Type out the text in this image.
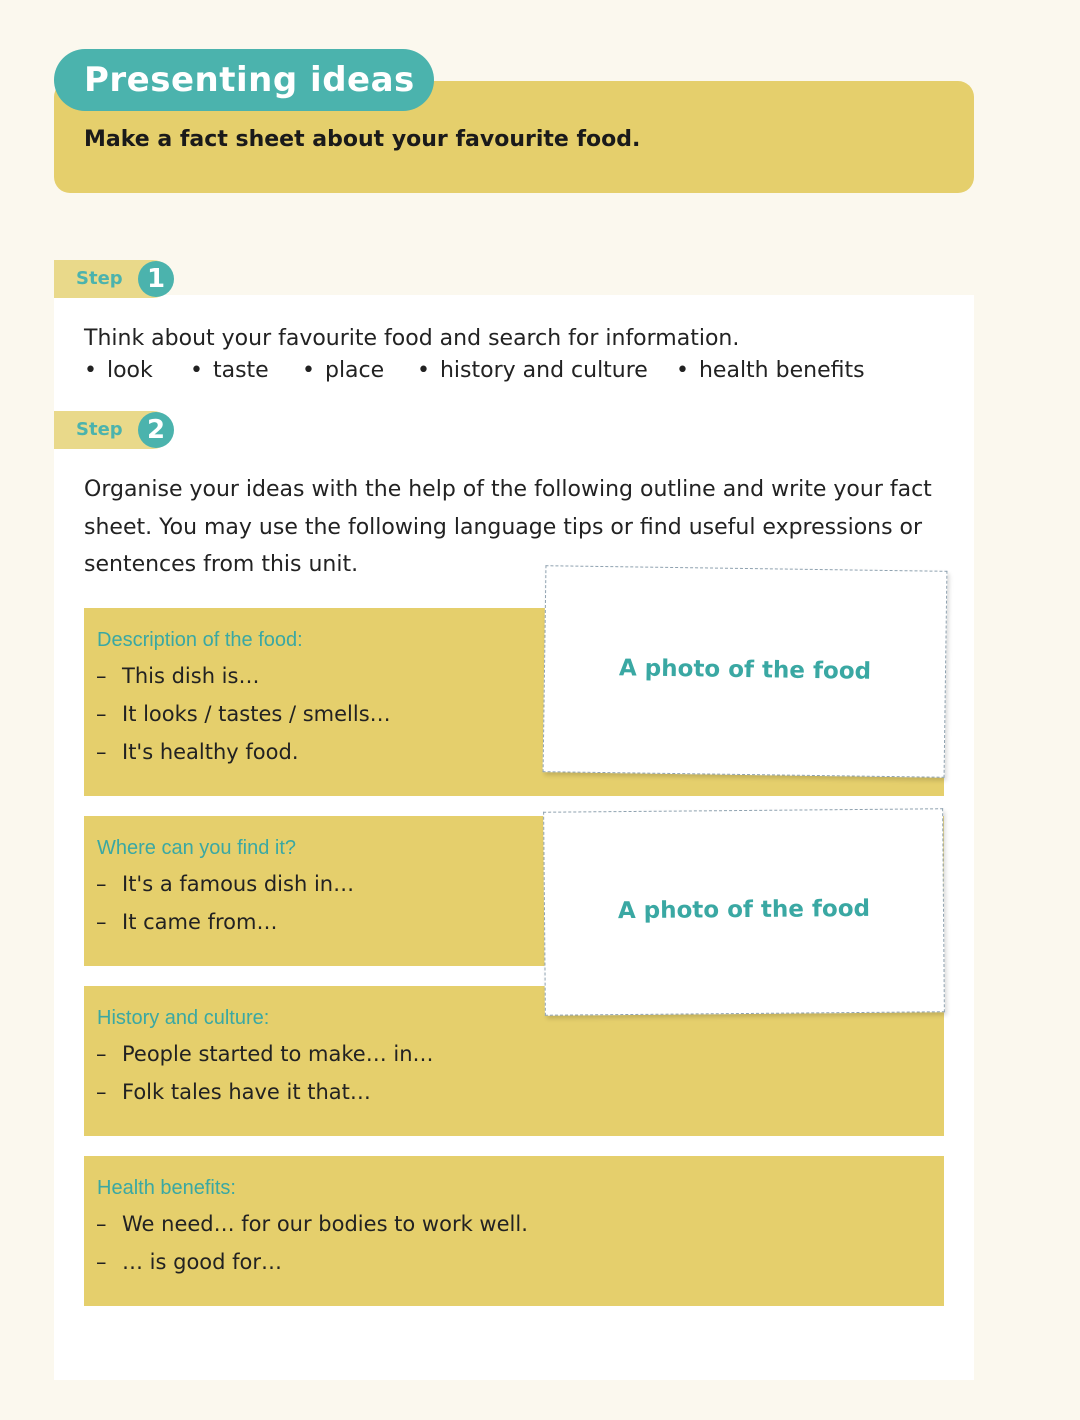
Presenting ideas
Make a fact sheet about your favourite food.
Step 1
Think about your favourite food and search for information.
• look • taste • place • history and culture • health benefits
Step 2
Organise your ideas with the help of the following outline and write your fact
sheet. You may use the following language tips or find useful expressions or
sentences from this unit.
Description of the food:
– This dish is…
– It looks / tastes / smells…
– It's healthy food.
Where can you find it?
– It's a famous dish in…
– It came from…
History and culture:
– People started to make… in…
– Folk tales have it that…
Health benefits:
– We need… for our bodies to work well.
– … is good for…
A photo of the food
A photo of the food
